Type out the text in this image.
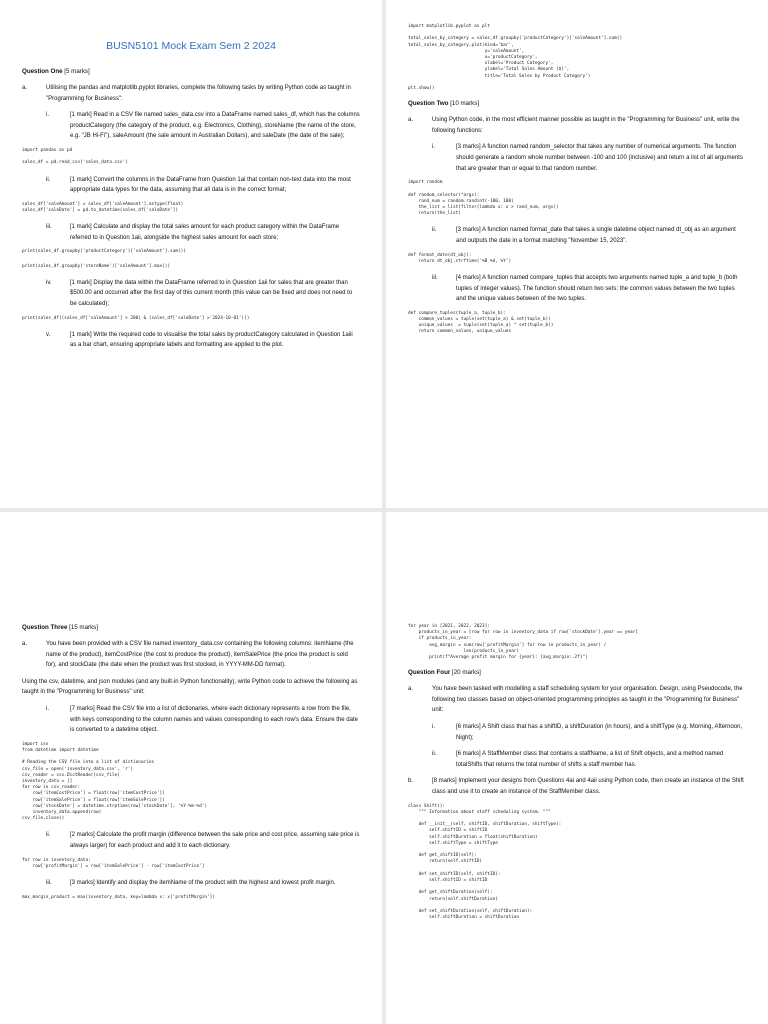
BUSN5101 Mock Exam Sem 2 2024
Question One [5 marks]
a.	Utilising the pandas and matplotlib.pyplot libraries, complete the following tasks by writing Python code as taught in "Programming for Business":
i.	[1 mark] Read in a CSV file named sales_data.csv into a DataFrame named sales_df, which has the columns productCategory (the category of the product, e.g. Electronics, Clothing), storeName (the name of the store, e.g. "JB Hi-Fi"), saleAmount (the sale amount in Australian Dollars), and saleDate (the date of the sale);
import pandas as pd

sales_df = pd.read_csv('sales_data.csv')
ii.	[1 mark] Convert the columns in the DataFrame from Question 1ai that contain non-text data into the most appropriate data types for the data, assuming that all data is in the correct format;
sales_df['saleAmount'] = sales_df['saleAmount'].astype(float)
sales_df['saleDate'] = pd.to_datetime(sales_df['saleDate'])
iii.	[1 mark] Calculate and display the total sales amount for each product category within the DataFrame referred to in Question 1aii, alongside the highest sales amount for each store;
print(sales_df.groupby('productCategory')['saleAmount'].sum())
print(sales_df.groupby('storeName')['saleAmount'].max())
iv.	[1 mark] Display the data within the DataFrame referred to in Question 1aii for sales that are greater than $500.00 and occurred after the first day of this current month (this value can be fixed and does not need to be calculated);
print(sales_df[(sales_df['saleAmount'] > 200) & (sales_df['saleDate'] >'2024-10-01')])
v.	[1 mark] Write the required code to visualise the total sales by productCategory calculated in Question 1aiii as a bar chart, ensuring appropriate labels and formatting are applied to the plot.
import matplotlib.pyplot as plt

total_sales_by_category = sales_df.groupby('productCategory')['saleAmount'].sum()
total_sales_by_category.plot(kind='bar',
y='saleAmount',
x='productCategory',
xlabel='Product Category',
ylabel='Total Sales Amount ($)',
title='Total Sales by Product Category')

plt.show()
Question Two [10 marks]
a.	Using Python code, in the most efficient manner possible as taught in the "Programming for Business" unit, write the following functions:
i.	[3 marks] A function named random_selector that takes any number of numerical arguments. The function should generate a random whole number between -100 and 100 (inclusive) and return a list of all arguments that are greater than or equal to that random number.
import random

def random_selector(*args):
rand_num = random.randint(-100, 100)
the_list = list(filter(lambda x: x > rand_num, args))
return(the_list)
ii.	[3 marks] A function named format_date that takes a single datetime object named dt_obj as an argument and outputs the date in a format matching "November 15, 2023".
def format_date(dt_obj):
return dt_obj.strftime('%B %d, %Y')
iii.	[4 marks] A function named compare_tuples that accepts two arguments named tuple_a and tuple_b (both tuples of integer values). The function should return two sets: the common values between the two tuples and the unique values between of the two tuples.
def compare_tuples(tuple_a, tuple_b):
common_values = tuple(set(tuple_a) & set(tuple_b))
unique_values  = tuple(set(tuple_a) ^ set(tuple_b))
return common_values, unique_values
Question Three [15 marks]
a.	You have been provided with a CSV file named inventory_data.csv containing the following columns: itemName (the name of the product), itemCostPrice (the cost to produce the product), itemSalePrice (the price the product is sold for), and stockDate (the date when the product was first stocked, in YYYY-MM-DD format).
Using the csv, datetime, and json modules (and any built-in Python functionality), write Python code to achieve the following as taught in the "Programming for Business" unit:
i.	[7 marks] Read the CSV file into a list of dictionaries, where each dictionary represents a row from the file, with keys corresponding to the column names and values corresponding to each row's data. Ensure the date is converted to a datetime object.
import csv
from datetime import datetime

# Reading the CSV file into a list of dictionaries
csv_file = open('inventory_data.csv', 'r')
csv_reader = csv.DictReader(csv_file)
inventory_data = []
for row in csv_reader:
row['itemCostPrice'] = float(row['itemCostPrice'])
row['itemSalePrice'] = float(row['itemSalePrice'])
row['stockDate'] = datetime.strptime(row['stockDate'], '%Y-%m-%d')
inventory_data.append(row)
csv_file.close()
ii.	[2 marks] Calculate the profit margin (difference between the sale price and cost price, assuming sale price is always larger) for each product and add it to each dictionary.
for row in inventory_data:
row['profitMargin'] = row['itemSalePrice'] - row['itemCostPrice']
iii.	[3 marks] Identify and display the itemName of the product with the highest and lowest profit margin.
max_margin_product = max(inventory_data, key=lambda x: x['profitMargin'])
for year in [2021, 2022, 2023]:
products_in_year = [row for row in inventory_data if row['stockDate'].year == year]
if products_in_year:
avg_margin = sum(row['profitMargin'] for row in products_in_year) /
len(products_in_year)
print(f"Average profit margin for {year}: {avg_margin:.2f}")
Question Four [20 marks]
a.	You have been tasked with modelling a staff scheduling system for your organisation. Design, using Pseudocode, the following two classes based on object-oriented programming principles as taught in the "Programming for Business" unit:
i.	[6 marks] A Shift class that has a shiftID, a shiftDuration (in hours), and a shiftType (e.g. Morning, Afternoon, Night);
ii.	[6 marks] A StaffMember class that contains a staffName, a list of Shift objects, and a method named totalShifts that returns the total number of shifts a staff member has.
b.	[8 marks] Implement your designs from Questions 4ai and 4aii using Python code, then create an instance of the Shift class and use it to create an instance of the StaffMember class.
class Shift():
""" Information about staff scheduling system. """

def __init__(self, shiftID, shiftDuration, shiftType):
self.shiftID = shiftID
self.shiftDuration = float(shiftDuration)
self.shiftType = shiftType

def get_shiftID(self):
return(self.shiftID)

def set_shiftID(self, shiftID):
self.shiftID = shiftID

def get_shiftDuration(self):
return(self.shiftDuration)

def set_shiftDuration(self, shiftDuration):
self.shiftDuration = shiftDuration
